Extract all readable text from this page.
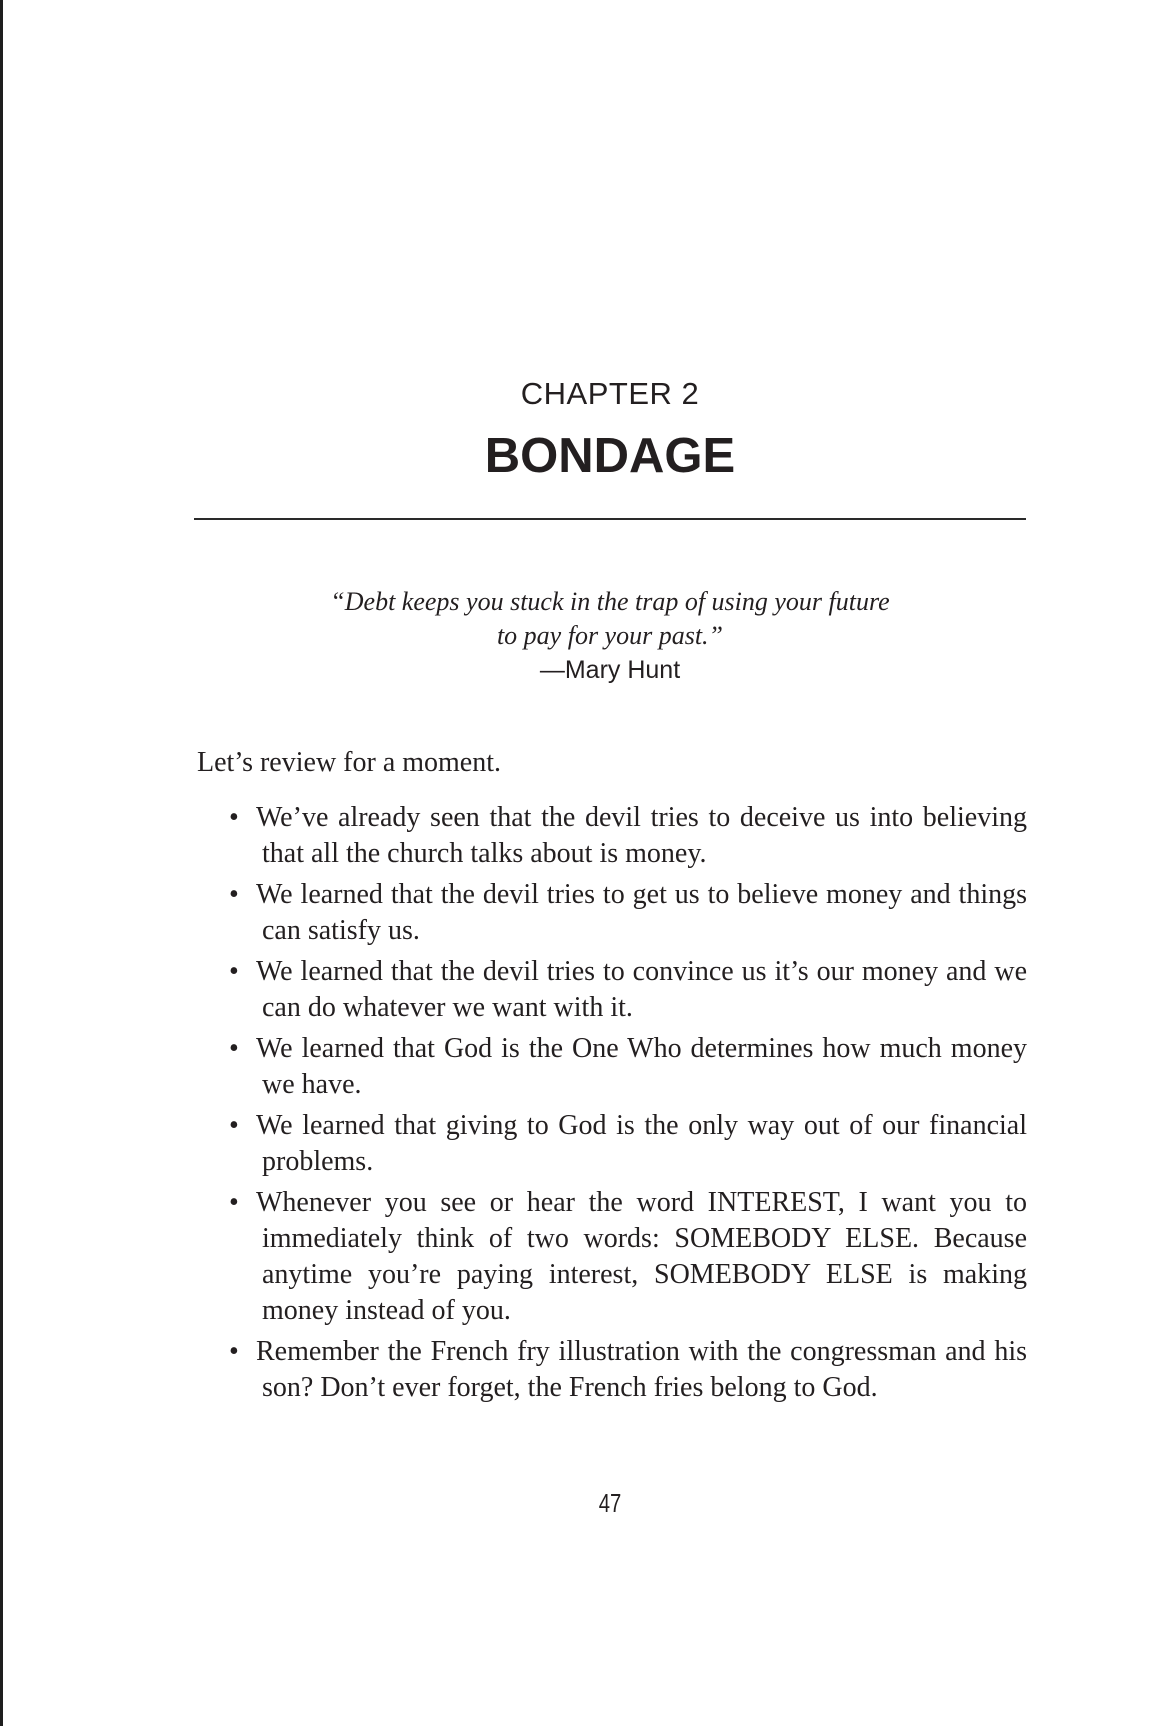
CHAPTER 2
BONDAGE
“Debt keeps you stuck in the trap of using your future
to pay for your past.”
—Mary Hunt

Let’s review for a moment.

• We’ve already seen that the devil tries to deceive us into believing that all the church talks about is money.
• We learned that the devil tries to get us to believe money and things can satisfy us.
• We learned that the devil tries to convince us it’s our money and we can do whatever we want with it.
• We learned that God is the One Who determines how much money we have.
• We learned that giving to God is the only way out of our financial problems.
• Whenever you see or hear the word INTEREST, I want you to immediately think of two words: SOMEBODY ELSE. Because anytime you’re paying interest, SOMEBODY ELSE is making money instead of you.
• Remember the French fry illustration with the congressman and his son? Don’t ever forget, the French fries belong to God.
47
